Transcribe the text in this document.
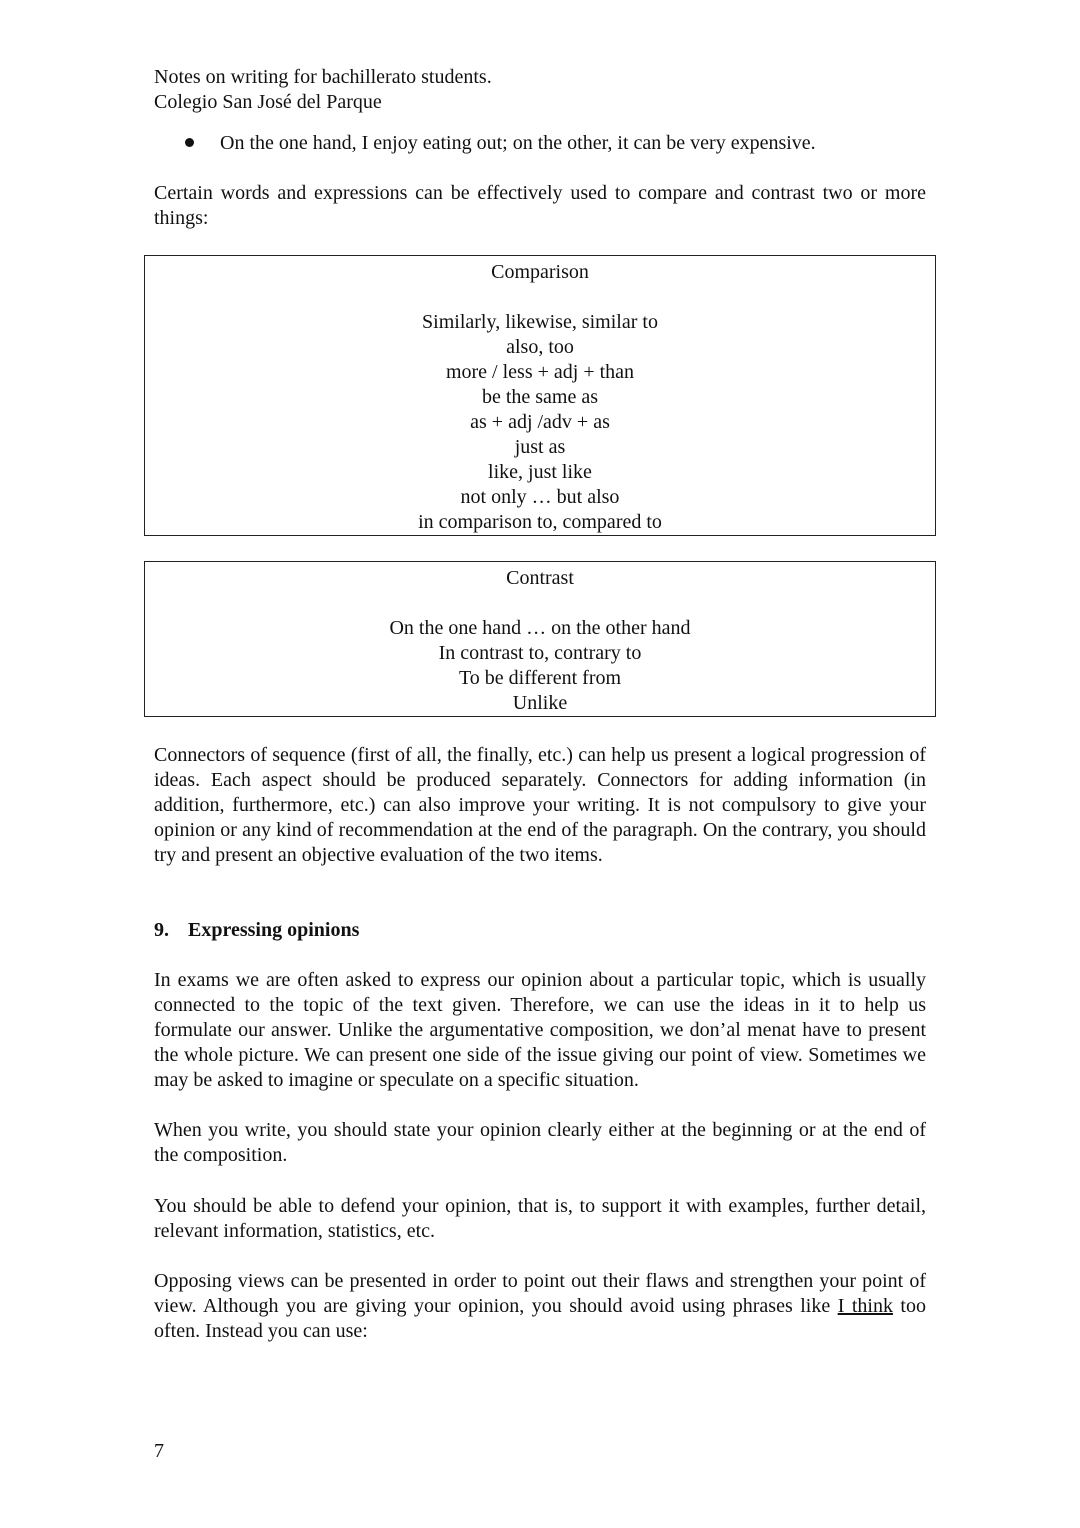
Notes on writing for bachillerato students.
Colegio San José del Parque
On the one hand, I enjoy eating out; on the other, it can be very expensive.

Certain words and expressions can be effectively used to compare and contrast two or more things:

Comparison
Similarly, likewise, similar to
also, too
more / less + adj + than
be the same as
as + adj /adv + as
just as
like, just like
not only … but also
in comparison to, compared to
Contrast
On the one hand … on the other hand
In contrast to, contrary to
To be different from
Unlike

Connectors of sequence (first of all, the finally, etc.) can help us present a logical progression of ideas. Each aspect should be produced separately. Connectors for adding information (in addition, furthermore, etc.) can also improve your writing. It is not compulsory to give your opinion or any kind of recommendation at the end of the paragraph. On the contrary, you should try and present an objective evaluation of the two items.

9. Expressing opinions

In exams we are often asked to express our opinion about a particular topic, which is usually connected to the topic of the text given. Therefore, we can use the ideas in it to help us formulate our answer. Unlike the argumentative composition, we don’al menat have to present the whole picture. We can present one side of the issue giving our point of view. Sometimes we may be asked to imagine or speculate on a specific situation.

When you write, you should state your opinion clearly either at the beginning or at the end of the composition.

You should be able to defend your opinion, that is, to support it with examples, further detail, relevant information, statistics, etc.

Opposing views can be presented in order to point out their flaws and strengthen your point of view. Although you are giving your opinion, you should avoid using phrases like I think too often. Instead you can use:

7
